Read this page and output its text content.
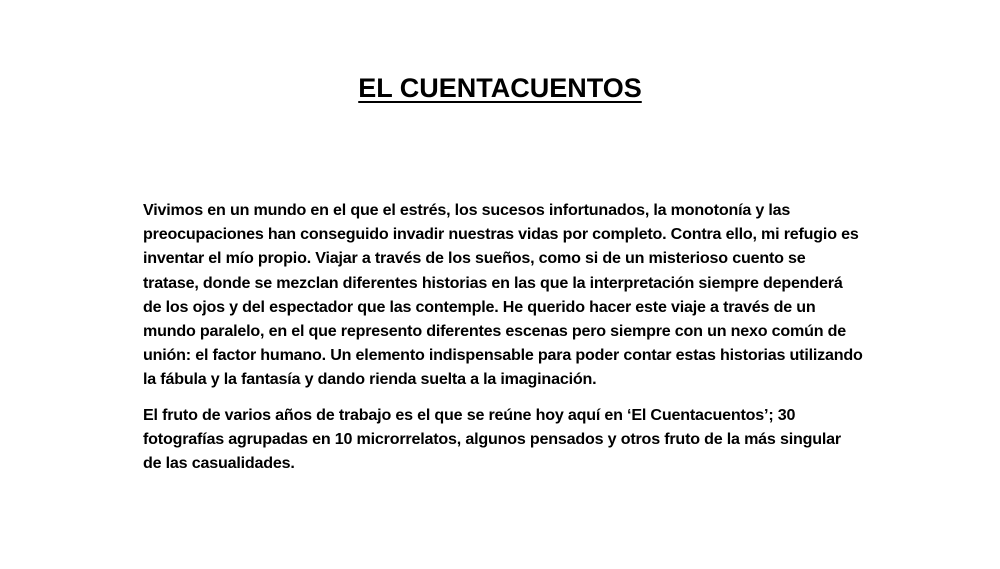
EL CUENTACUENTOS

Vivimos en un mundo en el que el estrés, los sucesos infortunados, la monotonía y las preocupaciones han conseguido invadir nuestras vidas por completo. Contra ello, mi refugio es inventar el mío propio. Viajar a través de los sueños, como si de un misterioso cuento se tratase, donde se mezclan diferentes historias en las que la interpretación siempre dependerá de los ojos y del espectador que las contemple. He querido hacer este viaje a través de un mundo paralelo, en el que represento diferentes escenas pero siempre con un nexo común de unión: el factor humano. Un elemento indispensable para poder contar estas historias utilizando la fábula y la fantasía y dando rienda suelta a la imaginación.

El fruto de varios años de trabajo es el que se reúne hoy aquí en ‘El Cuentacuentos’; 30 fotografías agrupadas en 10 microrrelatos, algunos pensados y otros fruto de la más singular de las casualidades.
